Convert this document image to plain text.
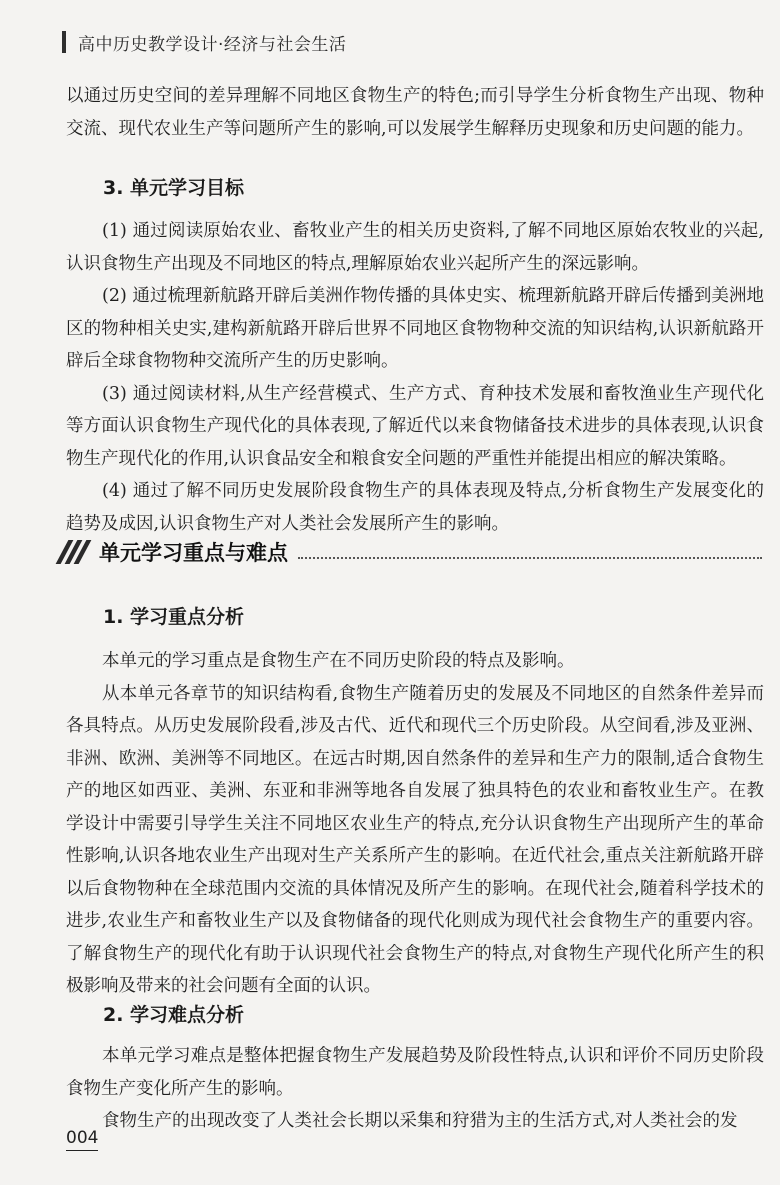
高中历史教学设计·经济与社会生活

以通过历史空间的差异理解不同地区食物生产的特色;而引导学生分析食物生产出现、物种交流、现代农业生产等问题所产生的影响,可以发展学生解释历史现象和历史问题的能力。

3. 单元学习目标

(1) 通过阅读原始农业、畜牧业产生的相关历史资料,了解不同地区原始农牧业的兴起,认识食物生产出现及不同地区的特点,理解原始农业兴起所产生的深远影响。

(2) 通过梳理新航路开辟后美洲作物传播的具体史实、梳理新航路开辟后传播到美洲地区的物种相关史实,建构新航路开辟后世界不同地区食物物种交流的知识结构,认识新航路开辟后全球食物物种交流所产生的历史影响。

(3) 通过阅读材料,从生产经营模式、生产方式、育种技术发展和畜牧渔业生产现代化等方面认识食物生产现代化的具体表现,了解近代以来食物储备技术进步的具体表现,认识食物生产现代化的作用,认识食品安全和粮食安全问题的严重性并能提出相应的解决策略。

(4) 通过了解不同历史发展阶段食物生产的具体表现及特点,分析食物生产发展变化的趋势及成因,认识食物生产对人类社会发展所产生的影响。

单元学习重点与难点
1. 学习重点分析

本单元的学习重点是食物生产在不同历史阶段的特点及影响。

从本单元各章节的知识结构看,食物生产随着历史的发展及不同地区的自然条件差异而各具特点。从历史发展阶段看,涉及古代、近代和现代三个历史阶段。从空间看,涉及亚洲、非洲、欧洲、美洲等不同地区。在远古时期,因自然条件的差异和生产力的限制,适合食物生产的地区如西亚、美洲、东亚和非洲等地各自发展了独具特色的农业和畜牧业生产。在教学设计中需要引导学生关注不同地区农业生产的特点,充分认识食物生产出现所产生的革命性影响,认识各地农业生产出现对生产关系所产生的影响。在近代社会,重点关注新航路开辟以后食物物种在全球范围内交流的具体情况及所产生的影响。在现代社会,随着科学技术的进步,农业生产和畜牧业生产以及食物储备的现代化则成为现代社会食物生产的重要内容。了解食物生产的现代化有助于认识现代社会食物生产的特点,对食物生产现代化所产生的积极影响及带来的社会问题有全面的认识。

2. 学习难点分析

本单元学习难点是整体把握食物生产发展趋势及阶段性特点,认识和评价不同历史阶段食物生产变化所产生的影响。

食物生产的出现改变了人类社会长期以采集和狩猎为主的生活方式,对人类社会的发

004
